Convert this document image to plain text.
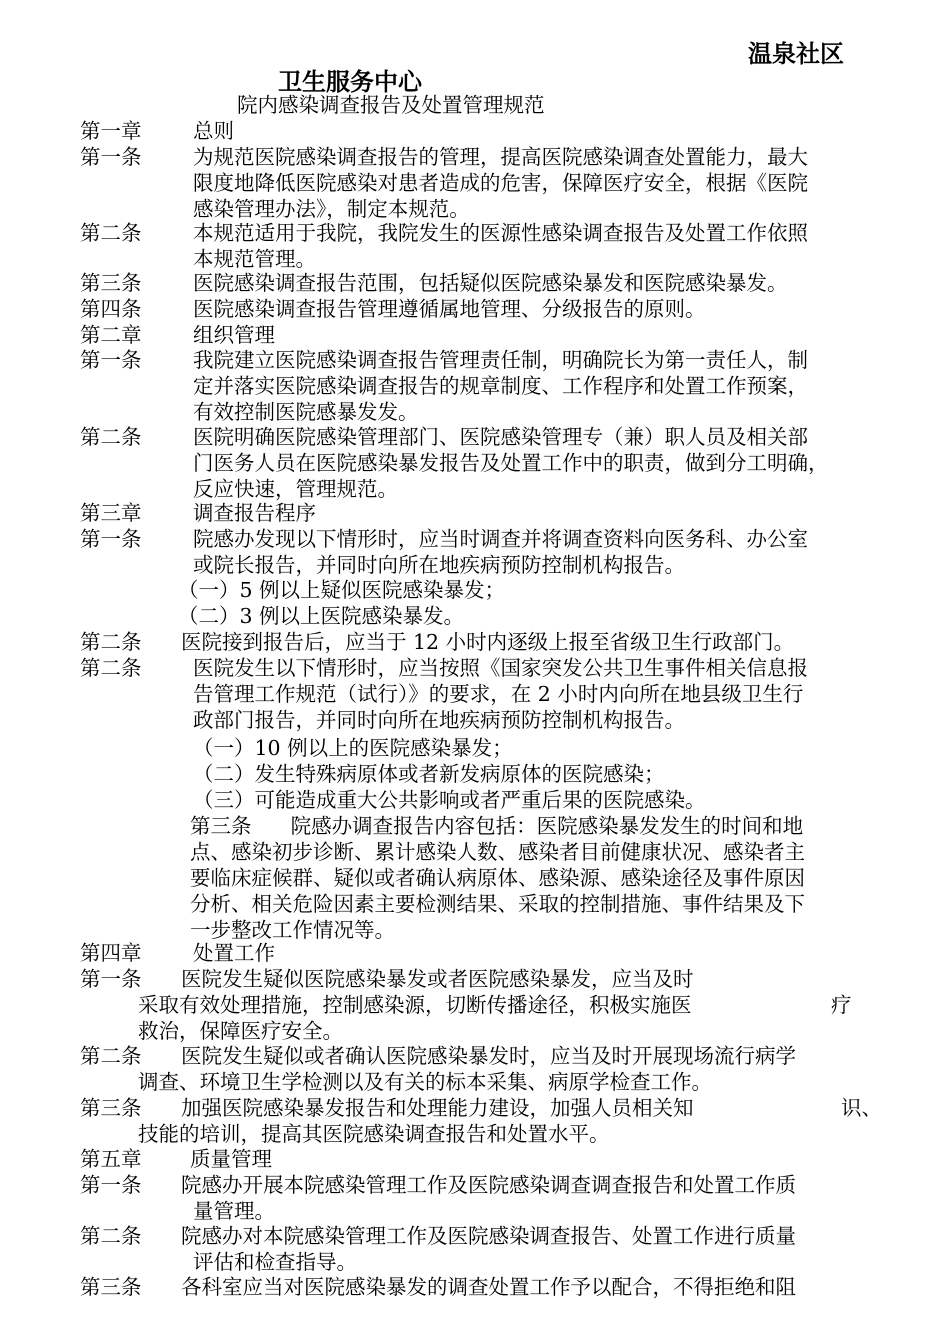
温泉社区
卫生服务中心
院内感染调查报告及处置管理规范
第一章	总则
第一条	为规范医院感染调查报告的管理，提高医院感染调查处置能力，最大
限度地降低医院感染对患者造成的危害，保障医疗安全，根据《医院
感染管理办法》，制定本规范。
第二条	本规范适用于我院，我院发生的医源性感染调查报告及处置工作依照
本规范管理。
第三条	医院感染调查报告范围，包括疑似医院感染暴发和医院感染暴发。
第四条	医院感染调查报告管理遵循属地管理、分级报告的原则。
第二章	组织管理
第一条	我院建立医院感染调查报告管理责任制，明确院长为第一责任人，制
定并落实医院感染调查报告的规章制度、工作程序和处置工作预案，
有效控制医院感暴发发。
第二条	医院明确医院感染管理部门、医院感染管理专（兼）职人员及相关部
门医务人员在医院感染暴发报告及处置工作中的职责，做到分工明确，
反应快速，管理规范。
第三章	调查报告程序
第一条	院感办发现以下情形时，应当时调查并将调查资料向医务科、办公室
或院长报告，并同时向所在地疾病预防控制机构报告。
（一）5 例以上疑似医院感染暴发；
（二）3 例以上医院感染暴发。
第二条 医院接到报告后，应当于 12 小时内逐级上报至省级卫生行政部门。
第二条	医院发生以下情形时，应当按照《国家突发公共卫生事件相关信息报
告管理工作规范（试行）》的要求，在 2 小时内向所在地县级卫生行
政部门报告，并同时向所在地疾病预防控制机构报告。
（一）10 例以上的医院感染暴发；
（二）发生特殊病原体或者新发病原体的医院感染；
（三）可能造成重大公共影响或者严重后果的医院感染。
第三条      院感办调查报告内容包括：医院感染暴发发生的时间和地
点、感染初步诊断、累计感染人数、感染者目前健康状况、感染者主
要临床症候群、疑似或者确认病原体、感染源、感染途径及事件原因
分析、相关危险因素主要检测结果、采取的控制措施、事件结果及下
一步整改工作情况等。
第四章	处置工作
第一条 医院发生疑似医院感染暴发或者医院感染暴发，应当及时
采取有效处理措施，控制感染源，切断传播途径，积极实施医
救治，保障医疗安全。
疗
第二条 医院发生疑似或者确认医院感染暴发时，应当及时开展现场流行病学
调查、环境卫生学检测以及有关的标本采集、病原学检查工作。
第三条 加强医院感染暴发报告和处理能力建设，加强人员相关知	识、
技能的培训，提高其医院感染调查报告和处置水平。
第五章 质量管理
第一条 院感办开展本院感染管理工作及医院感染调查调查报告和处置工作质
量管理。
第二条 院感办对本院感染管理工作及医院感染调查报告、处置工作进行质量
评估和检查指导。
第三条 各科室应当对医院感染暴发的调查处置工作予以配合，不得拒绝和阻
